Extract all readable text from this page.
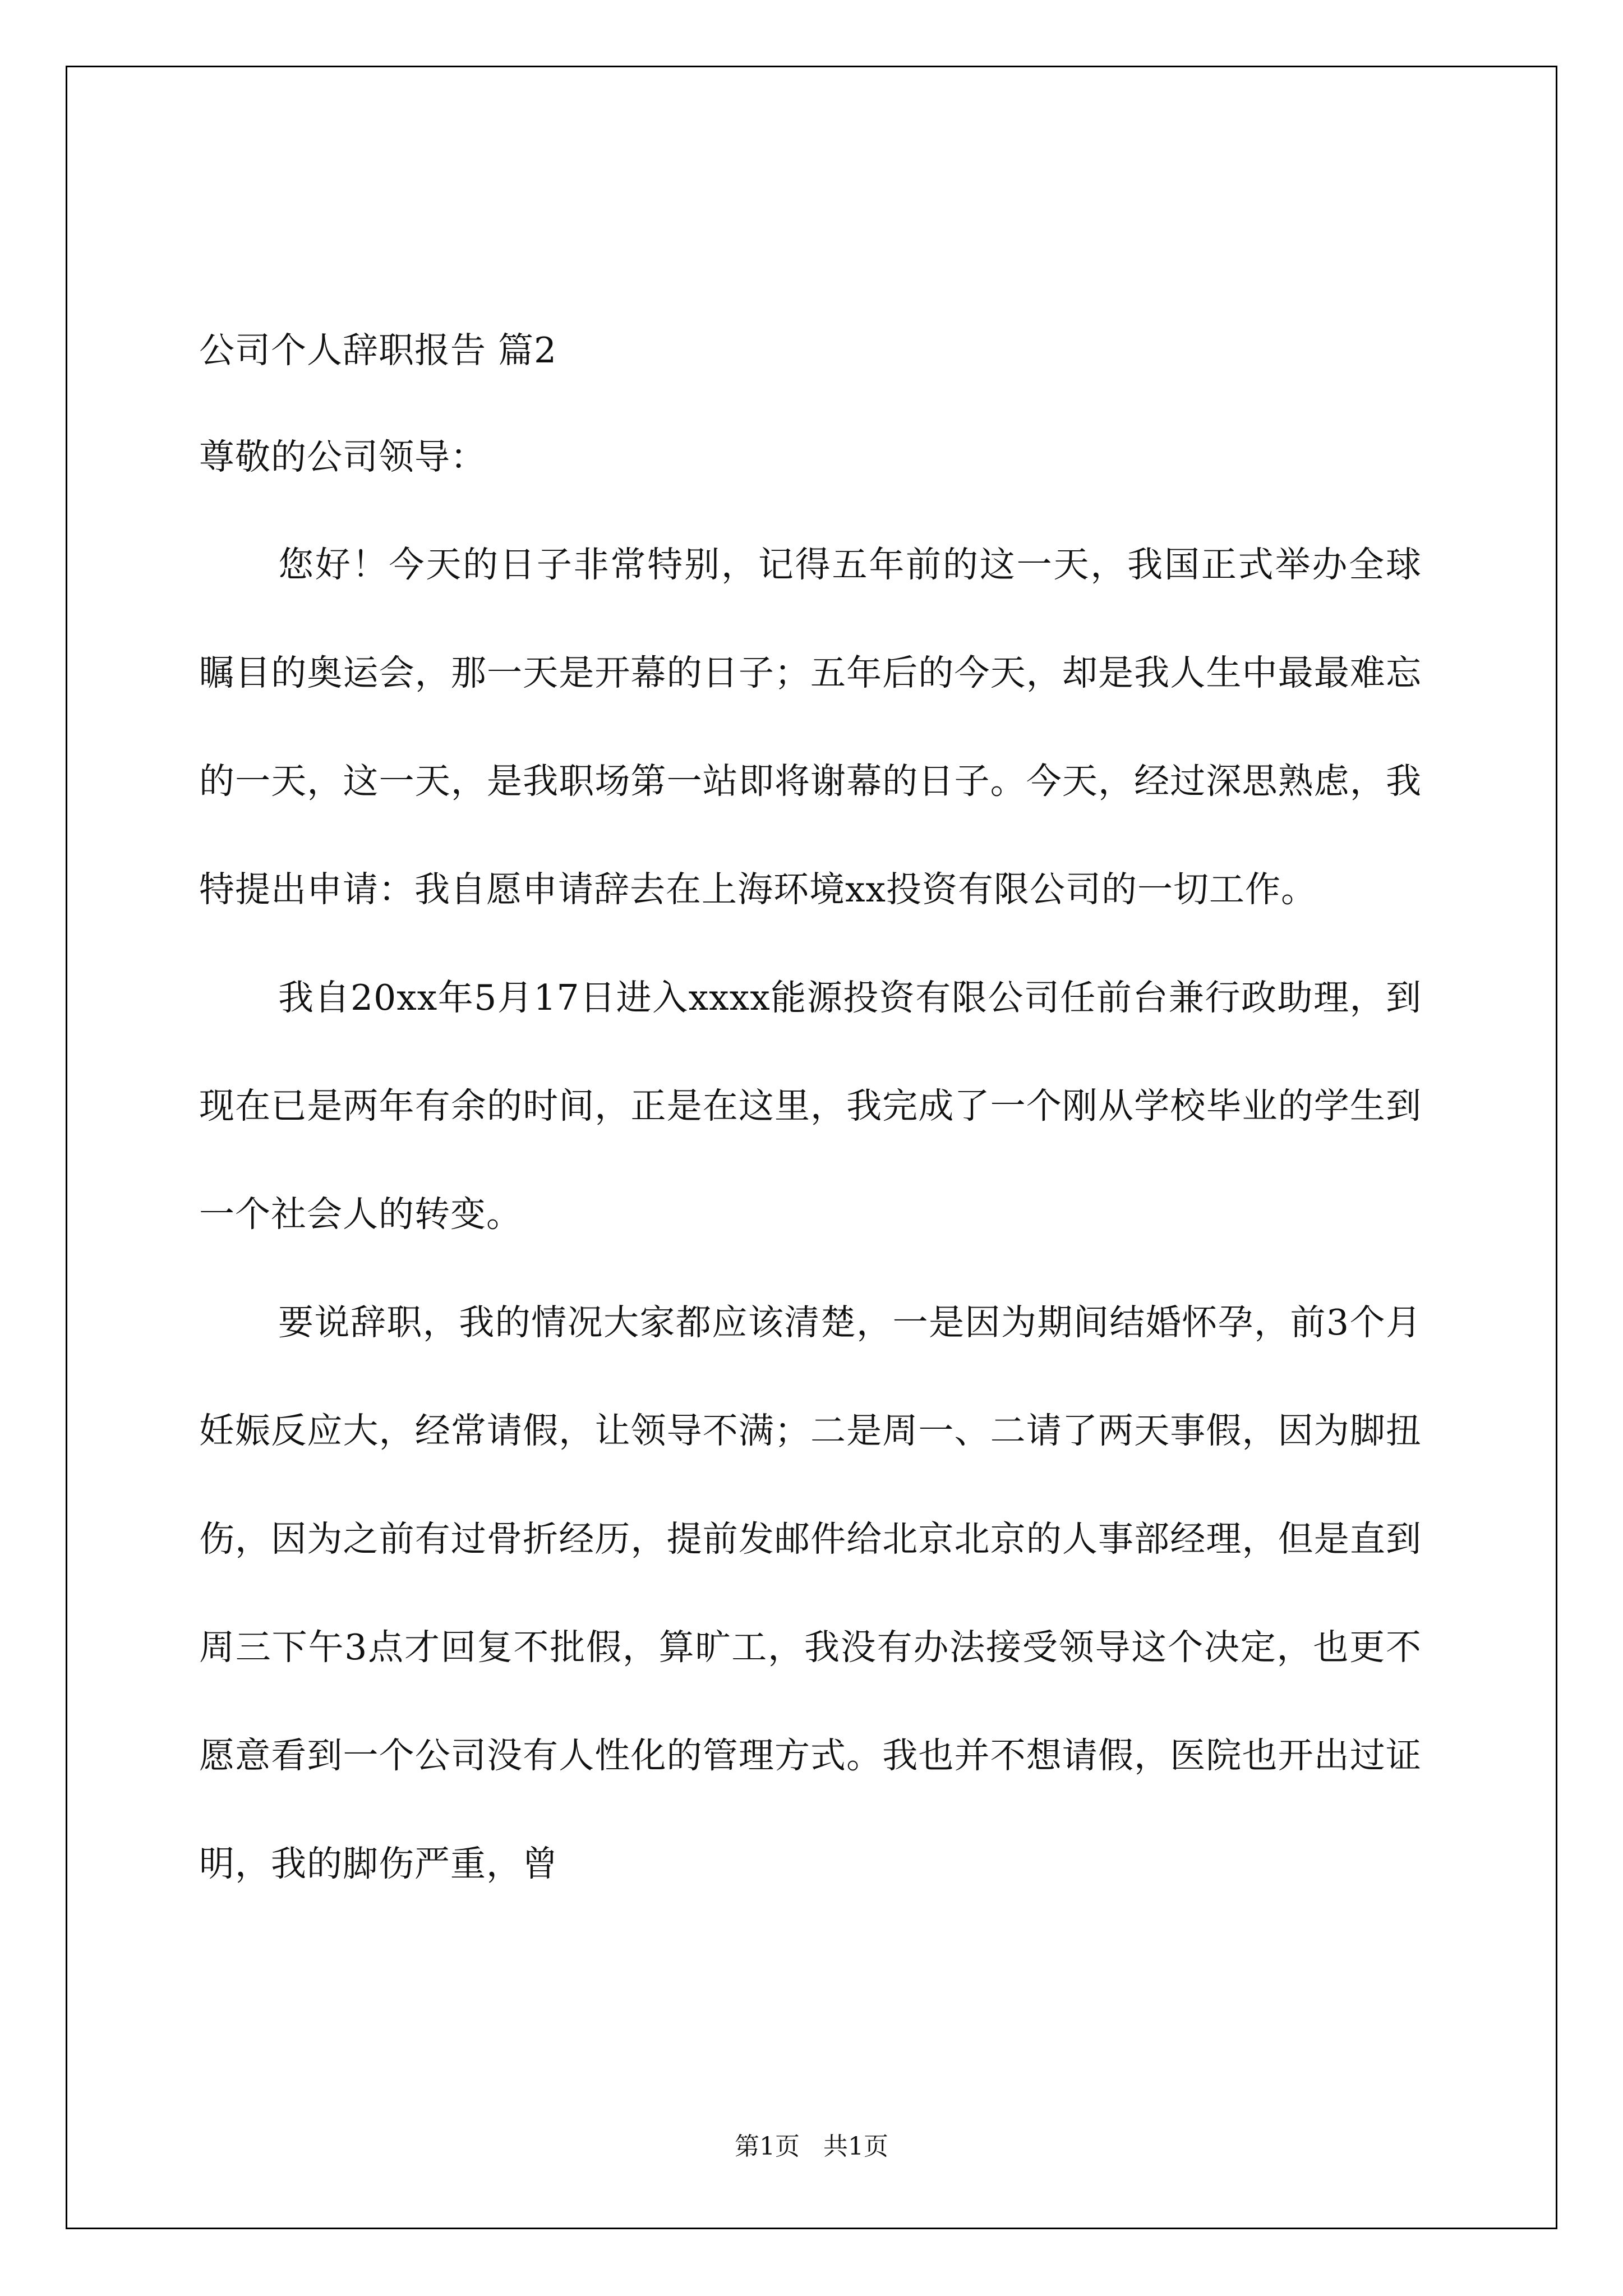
公司个人辞职报告 篇2
尊敬的公司领导：

您好！今天的日子非常特别，记得五年前的这一天，我国正式举办全球瞩目的奥运会，那一天是开幕的日子；五年后的今天，却是我人生中最最难忘的一天，这一天，是我职场第一站即将谢幕的日子。今天，经过深思熟虑，我特提出申请：我自愿申请辞去在上海环境xx投资有限公司的一切工作。

我自20xx年5月17日进入xxxx能源投资有限公司任前台兼行政助理，到现在已是两年有余的时间，正是在这里，我完成了一个刚从学校毕业的学生到一个社会人的转变。

要说辞职，我的情况大家都应该清楚，一是因为期间结婚怀孕，前3个月妊娠反应大，经常请假，让领导不满；二是周一、二请了两天事假，因为脚扭伤，因为之前有过骨折经历，提前发邮件给北京北京的人事部经理，但是直到周三下午3点才回复不批假，算旷工，我没有办法接受领导这个决定，也更不愿意看到一个公司没有人性化的管理方式。我也并不想请假，医院也开出过证明，我的脚伤严重，曾

第1页 共1页
